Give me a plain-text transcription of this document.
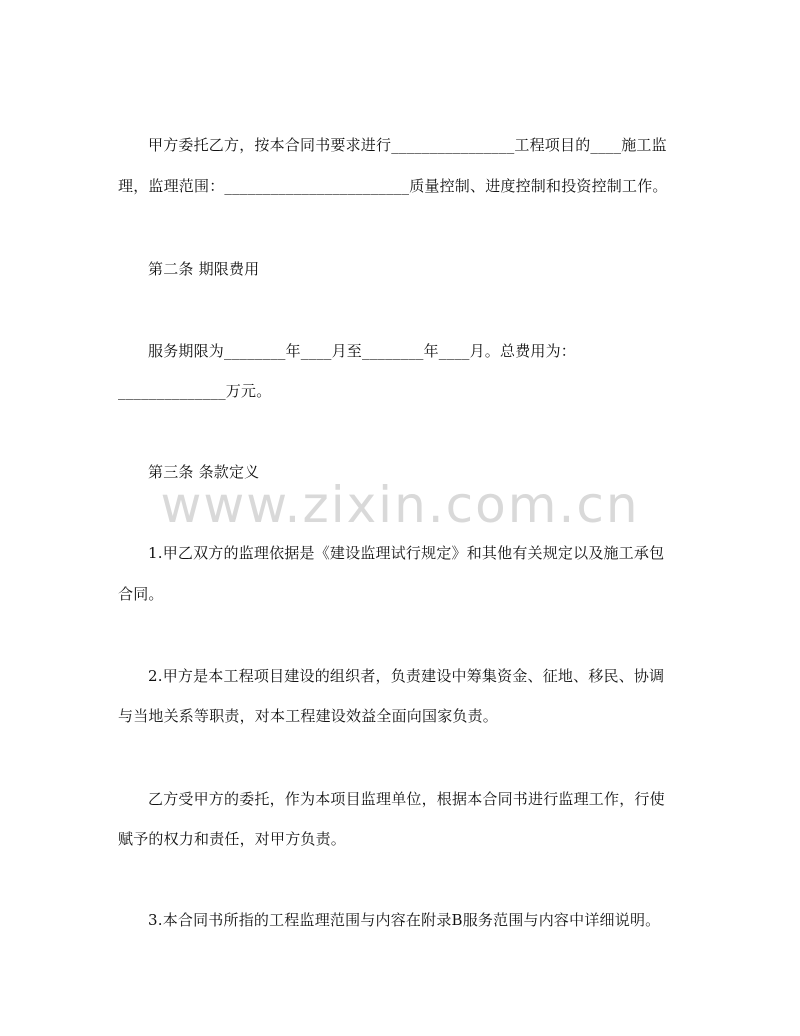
www.zixin.com.cn
甲方委托乙方，按本合同书要求进行________________工程项目的____施工监
理，监理范围：________________________质量控制、进度控制和投资控制工作。
第二条 期限费用
服务期限为________年____月至________年____月。总费用为：
______________万元。
第三条 条款定义
1.甲乙双方的监理依据是《建设监理试行规定》和其他有关规定以及施工承包
合同。
2.甲方是本工程项目建设的组织者，负责建设中筹集资金、征地、移民、协调
与当地关系等职责，对本工程建设效益全面向国家负责。
乙方受甲方的委托，作为本项目监理单位，根据本合同书进行监理工作，行使
赋予的权力和责任，对甲方负责。
3.本合同书所指的工程监理范围与内容在附录B服务范围与内容中详细说明。
